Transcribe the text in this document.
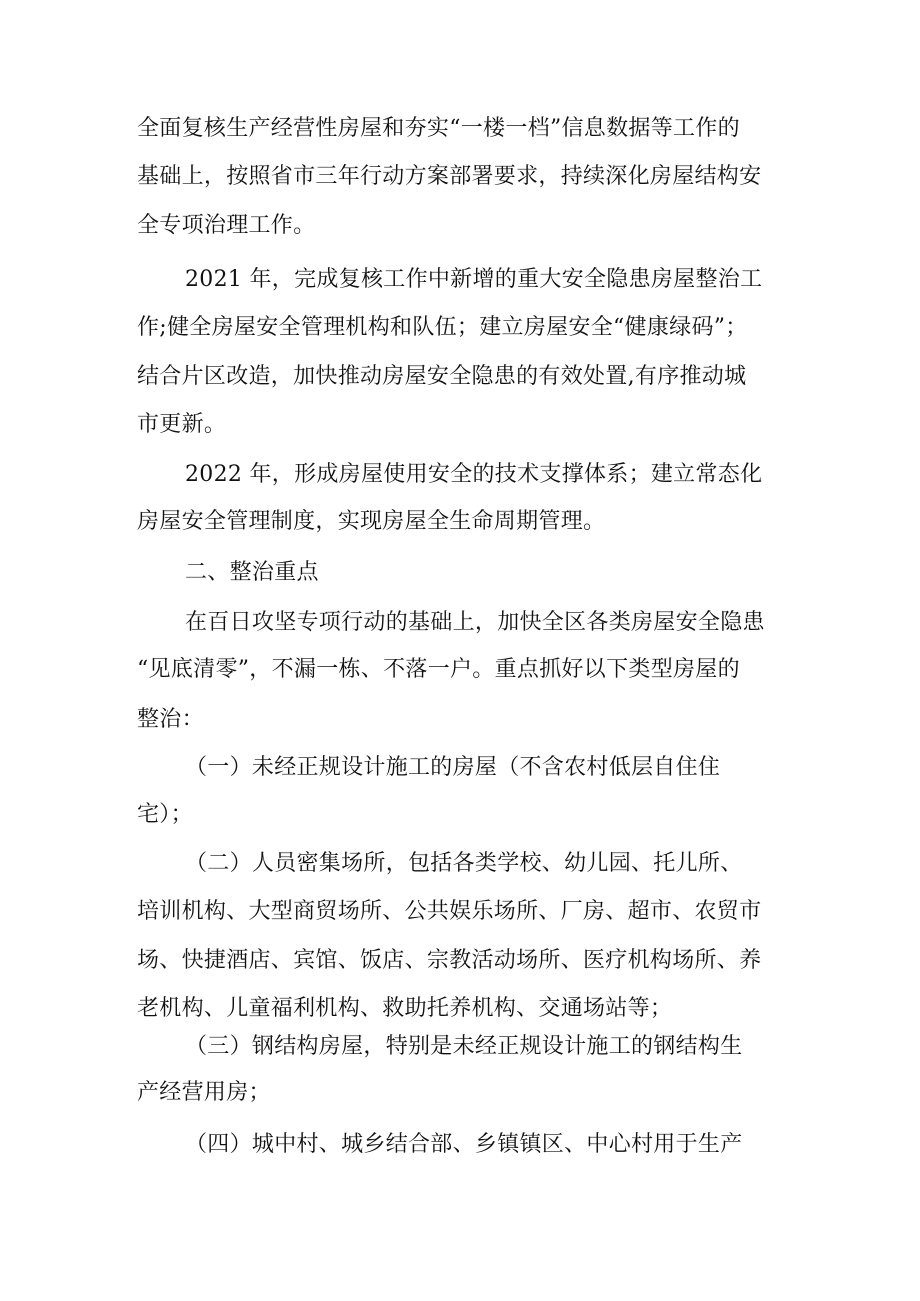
全面复核生产经营性房屋和夯实“一楼一档”信息数据等工作的
基础上，按照省市三年行动方案部署要求，持续深化房屋结构安
全专项治理工作。
2021 年，完成复核工作中新增的重大安全隐患房屋整治工
作;健全房屋安全管理机构和队伍；建立房屋安全“健康绿码”；
结合片区改造，加快推动房屋安全隐患的有效处置,有序推动城
市更新。
2022 年，形成房屋使用安全的技术支撑体系；建立常态化
房屋安全管理制度，实现房屋全生命周期管理。
二、整治重点
在百日攻坚专项行动的基础上，加快全区各类房屋安全隐患
“见底清零”，不漏一栋、不落一户。重点抓好以下类型房屋的
整治：
（一）未经正规设计施工的房屋（不含农村低层自住住
宅）；
（二）人员密集场所，包括各类学校、幼儿园、托儿所、
培训机构、大型商贸场所、公共娱乐场所、厂房、超市、农贸市
场、快捷酒店、宾馆、饭店、宗教活动场所、医疗机构场所、养
老机构、儿童福利机构、救助托养机构、交通场站等；
（三）钢结构房屋，特别是未经正规设计施工的钢结构生
产经营用房；
（四）城中村、城乡结合部、乡镇镇区、中心村用于生产
